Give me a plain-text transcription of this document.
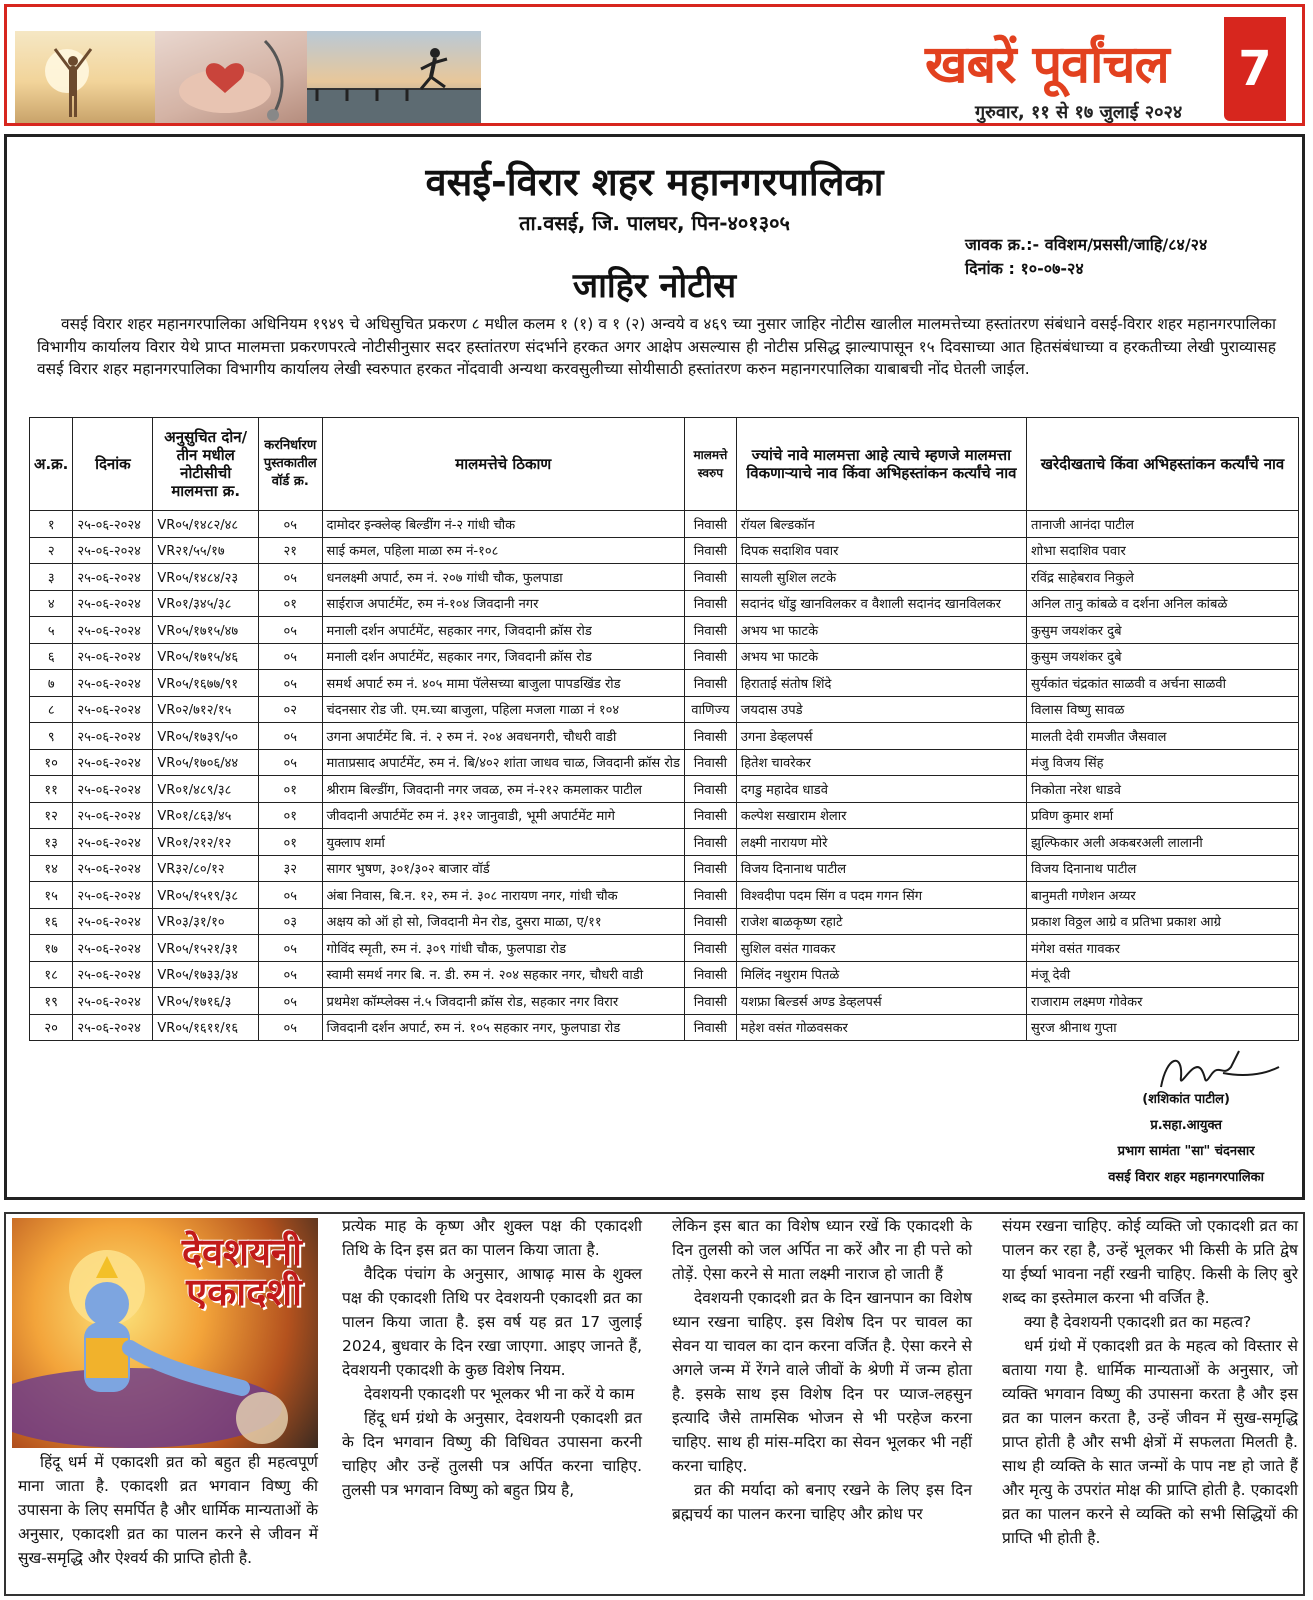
खबरें पूर्वांचल
गुरुवार, ११ से १७ जुलाई २०२४
7
वसई-विरार शहर महानगरपालिका
ता.वसई, जि. पालघर, पिन-४०१३०५
जावक क्र.:- वविशम/प्रससी/जाहि/८४/२४
दिनांक : १०-०७-२४
जाहिर नोटीस
वसई विरार शहर महानगरपालिका अधिनियम १९४९ चे अधिसुचित प्रकरण ८ मधील कलम १ (१) व १ (२) अन्वये व ४६९ च्या नुसार जाहिर नोटीस खालील मालमत्तेच्या हस्तांतरण संबंधाने वसई-विरार शहर महानगरपालिका विभागीय कार्यालय विरार येथे प्राप्त मालमत्ता प्रकरणपरत्वे नोटीसीनुसार सदर हस्तांतरण संदर्भाने हरकत अगर आक्षेप असल्यास ही नोटीस प्रसिद्ध झाल्यापासून १५ दिवसाच्या आत हितसंबंधाच्या व हरकतीच्या लेखी पुराव्यासह वसई विरार शहर महानगरपालिका विभागीय कार्यालय लेखी स्वरुपात हरकत नोंदवावी अन्यथा करवसुलीच्या सोयीसाठी हस्तांतरण करुन महानगरपालिका याबाबची नोंद घेतली जाईल.
अ.क्र.	दिनांक	अनुसुचित दोन/तीन मधील नोटीसीची मालमत्ता क्र.	करनिर्धारण पुस्तकातील वॉर्ड क्र.	मालमत्तेचे ठिकाण	मालमत्ते स्वरुप	ज्यांचे नावे मालमत्ता आहे त्याचे म्हणजे मालमत्ता विकणाऱ्याचे नाव किंवा अभिहस्तांकन कर्त्यांचे नाव	खरेदीखताचे किंवा अभिहस्तांकन कर्त्यांचे नाव
१	२५-०६-२०२४	VR०५/१४८२/४८	०५	दामोदर इन्क्लेव्ह बिल्डींग नं-२ गांधी चौक	निवासी	रॉयल बिल्डकॉन	तानाजी आनंदा पाटील
२	२५-०६-२०२४	VR२१/५५/१७	२१	साई कमल, पहिला माळा रुम नं-१०८	निवासी	दिपक सदाशिव पवार	शोभा सदाशिव पवार
३	२५-०६-२०२४	VR०५/१४८४/२३	०५	धनलक्ष्मी अपार्ट, रुम नं. २०७ गांधी चौक, फुलपाडा	निवासी	सायली सुशिल लटके	रविंद्र साहेबराव निकुले
४	२५-०६-२०२४	VR०१/३४५/३८	०१	साईराज अपार्टमेंट, रुम नं-१०४ जिवदानी नगर	निवासी	सदानंद धोंडु खानविलकर व वैशाली सदानंद खानविलकर	अनिल तानु कांबळे व दर्शना अनिल कांबळे
५	२५-०६-२०२४	VR०५/१७१५/४७	०५	मनाली दर्शन अपार्टमेंट, सहकार नगर, जिवदानी क्रॉस रोड	निवासी	अभय भा फाटके	कुसुम जयशंकर दुबे
६	२५-०६-२०२४	VR०५/१७१५/४६	०५	मनाली दर्शन अपार्टमेंट, सहकार नगर, जिवदानी क्रॉस रोड	निवासी	अभय भा फाटके	कुसुम जयशंकर दुबे
७	२५-०६-२०२४	VR०५/१६७७/९१	०५	समर्थ अपार्ट रुम नं. ४०५ मामा पॅलेसच्या बाजुला पापडखिंड रोड	निवासी	हिराताई संतोष शिंदे	सुर्यकांत चंद्रकांत साळवी व अर्चना साळवी
८	२५-०६-२०२४	VR०२/७१२/१५	०२	चंदनसार रोड जी. एम.च्या बाजुला, पहिला मजला गाळा नं १०४	वाणिज्य	जयदास उपडे	विलास विष्णु सावळ
९	२५-०६-२०२४	VR०५/१७३९/५०	०५	उगना अपार्टमेंट बि. नं. २ रुम नं. २०४ अवधनगरी, चौधरी वाडी	निवासी	उगना डेव्हलपर्स	मालती देवी रामजीत जैसवाल
१०	२५-०६-२०२४	VR०५/१७०६/४४	०५	माताप्रसाद अपार्टमेंट, रुम नं. बि/४०२ शांता जाधव चाळ, जिवदानी क्रॉस रोड	निवासी	हितेश चावरेकर	मंजु विजय सिंह
११	२५-०६-२०२४	VR०१/४८९/३८	०१	श्रीराम बिल्डींग, जिवदानी नगर जवळ, रुम नं-२१२ कमलाकर पाटील	निवासी	दगडु महादेव धाडवे	निकोता नरेश धाडवे
१२	२५-०६-२०२४	VR०१/८६३/४५	०१	जीवदानी अपार्टमेंट रुम नं. ३१२ जानुवाडी, भूमी अपार्टमेंट मागे	निवासी	कल्पेश सखाराम शेलार	प्रविण कुमार शर्मा
१३	२५-०६-२०२४	VR०१/२१२/१२	०१	युक्लाप शर्मा	निवासी	लक्ष्मी नारायण मोरे	झुल्फिकार अली अकबरअली लालानी
१४	२५-०६-२०२४	VR३२/८०/१२	३२	सागर भुषण, ३०१/३०२ बाजार वॉर्ड	निवासी	विजय दिनानाथ पाटील	विजय दिनानाथ पाटील
१५	२५-०६-२०२४	VR०५/१५१९/३८	०५	अंबा निवास, बि.न. १२, रुम नं. ३०८ नारायण नगर, गांधी चौक	निवासी	विश्वदीपा पदम सिंग व पदम गगन सिंग	बानुमती गणेशन अय्यर
१६	२५-०६-२०२४	VR०३/३१/१०	०३	अक्षय को ऑ हो सो, जिवदानी मेन रोड, दुसरा माळा, ए/११	निवासी	राजेश बाळकृष्ण रहाटे	प्रकाश विठ्ठल आग्रे व प्रतिभा प्रकाश आग्रे
१७	२५-०६-२०२४	VR०५/१५२१/३१	०५	गोविंद स्मृती, रुम नं. ३०९ गांधी चौक, फुलपाडा रोड	निवासी	सुशिल वसंत गावकर	मंगेश वसंत गावकर
१८	२५-०६-२०२४	VR०५/१७३३/३४	०५	स्वामी समर्थ नगर बि. न. डी. रुम नं. २०४ सहकार नगर, चौधरी वाडी	निवासी	मिलिंद नथुराम पितळे	मंजू देवी
१९	२५-०६-२०२४	VR०५/१७१६/३	०५	प्रथमेश कॉम्प्लेक्स नं.५ जिवदानी क्रॉस रोड, सहकार नगर विरार	निवासी	यशफ्रा बिल्डर्स अण्ड डेव्हलपर्स	राजाराम लक्ष्मण गोवेकर
२०	२५-०६-२०२४	VR०५/१६११/१६	०५	जिवदानी दर्शन अपार्ट, रुम नं. १०५ सहकार नगर, फुलपाडा रोड	निवासी	महेश वसंत गोळवसकर	सुरज श्रीनाथ गुप्ता
(शशिकांत पाटील)
प्र.सहा.आयुक्त
प्रभाग सामंता "सा" चंदनसार
वसई विरार शहर महानगरपालिका
देवशयनी
एकादशी

हिंदू धर्म में एकादशी व्रत को बहुत ही महत्वपूर्ण माना जाता है. एकादशी व्रत भगवान विष्णु की उपासना के लिए समर्पित है और धार्मिक मान्यताओं के अनुसार, एकादशी व्रत का पालन करने से जीवन में सुख-समृद्धि और ऐश्वर्य की प्राप्ति होती है.

प्रत्येक माह के कृष्ण और शुक्ल पक्ष की एकादशी तिथि के दिन इस व्रत का पालन किया जाता है.

वैदिक पंचांग के अनुसार, आषाढ़ मास के शुक्ल पक्ष की एकादशी तिथि पर देवशयनी एकादशी व्रत का पालन किया जाता है. इस वर्ष यह व्रत 17 जुलाई 2024, बुधवार के दिन रखा जाएगा. आइए जानते हैं, देवशयनी एकादशी के कुछ विशेष नियम.

देवशयनी एकादशी पर भूलकर भी ना करें ये काम

हिंदू धर्म ग्रंथो के अनुसार, देवशयनी एकादशी व्रत के दिन भगवान विष्णु की विधिवत उपासना करनी चाहिए और उन्हें तुलसी पत्र अर्पित करना चाहिए. तुलसी पत्र भगवान विष्णु को बहुत प्रिय है,

लेकिन इस बात का विशेष ध्यान रखें कि एकादशी के दिन तुलसी को जल अर्पित ना करें और ना ही पत्ते को तोड़ें. ऐसा करने से माता लक्ष्मी नाराज हो जाती हैं

देवशयनी एकादशी व्रत के दिन खानपान का विशेष ध्यान रखना चाहिए. इस विशेष दिन पर चावल का सेवन या चावल का दान करना वर्जित है. ऐसा करने से अगले जन्म में रेंगने वाले जीवों के श्रेणी में जन्म होता है. इसके साथ इस विशेष दिन पर प्याज-लहसुन इत्यादि जैसे तामसिक भोजन से भी परहेज करना चाहिए. साथ ही मांस-मदिरा का सेवन भूलकर भी नहीं करना चाहिए.

व्रत की मर्यादा को बनाए रखने के लिए इस दिन ब्रह्मचर्य का पालन करना चाहिए और क्रोध पर

संयम रखना चाहिए. कोई व्यक्ति जो एकादशी व्रत का पालन कर रहा है, उन्हें भूलकर भी किसी के प्रति द्वेष या ईर्ष्या भावना नहीं रखनी चाहिए. किसी के लिए बुरे शब्द का इस्तेमाल करना भी वर्जित है.

क्या है देवशयनी एकादशी व्रत का महत्व?

धर्म ग्रंथो में एकादशी व्रत के महत्व को विस्तार से बताया गया है. धार्मिक मान्यताओं के अनुसार, जो व्यक्ति भगवान विष्णु की उपासना करता है और इस व्रत का पालन करता है, उन्हें जीवन में सुख-समृद्धि प्राप्त होती है और सभी क्षेत्रों में सफलता मिलती है. साथ ही व्यक्ति के सात जन्मों के पाप नष्ट हो जाते हैं और मृत्यु के उपरांत मोक्ष की प्राप्ति होती है. एकादशी व्रत का पालन करने से व्यक्ति को सभी सिद्धियों की प्राप्ति भी होती है.
